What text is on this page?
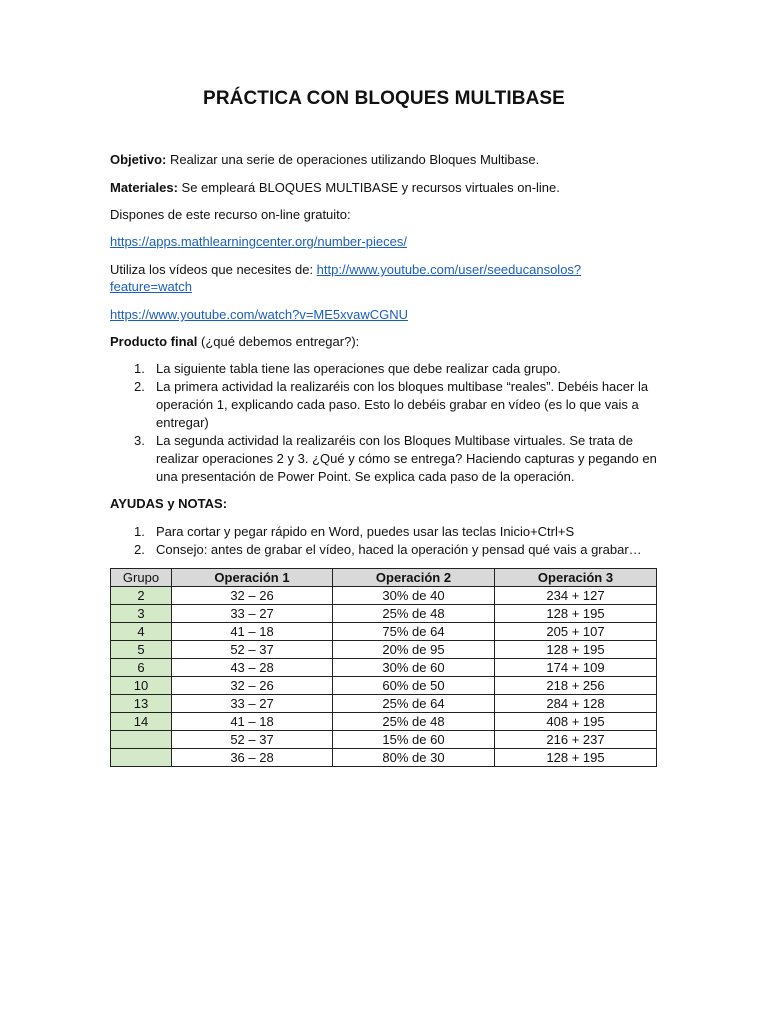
PRÁCTICA CON BLOQUES MULTIBASE
Objetivo: Realizar una serie de operaciones utilizando Bloques Multibase.
Materiales: Se empleará BLOQUES MULTIBASE y recursos virtuales on-line.
Dispones de este recurso on-line gratuito:
https://apps.mathlearningcenter.org/number-pieces/
Utiliza los vídeos que necesites de: http://www.youtube.com/user/seeducansolos?
feature=watch
https://www.youtube.com/watch?v=ME5xvawCGNU
Producto final (¿qué debemos entregar?):
1. La siguiente tabla tiene las operaciones que debe realizar cada grupo.
2. La primera actividad la realizaréis con los bloques multibase “reales”. Debéis hacer la
operación 1, explicando cada paso. Esto lo debéis grabar en vídeo (es lo que vais a
entregar)
3. La segunda actividad la realizaréis con los Bloques Multibase virtuales. Se trata de
realizar operaciones 2 y 3. ¿Qué y cómo se entrega? Haciendo capturas y pegando en
una presentación de Power Point. Se explica cada paso de la operación.
AYUDAS y NOTAS:
1. Para cortar y pegar rápido en Word, puedes usar las teclas Inicio+Ctrl+S
2. Consejo: antes de grabar el vídeo, haced la operación y pensad qué vais a grabar…
Grupo	Operación 1	Operación 2	Operación 3
2	32 – 26	30% de 40	234 + 127
3	33 – 27	25% de 48	128 + 195
4	41 – 18	75% de 64	205 + 107
5	52 – 37	20% de 95	128 + 195
6	43 – 28	30% de 60	174 + 109
10	32 – 26	60% de 50	218 + 256
13	33 – 27	25% de 64	284 + 128
14	41 – 18	25% de 48	408 + 195
	52 – 37	15% de 60	216 + 237
	36 – 28	80% de 30	128 + 195
